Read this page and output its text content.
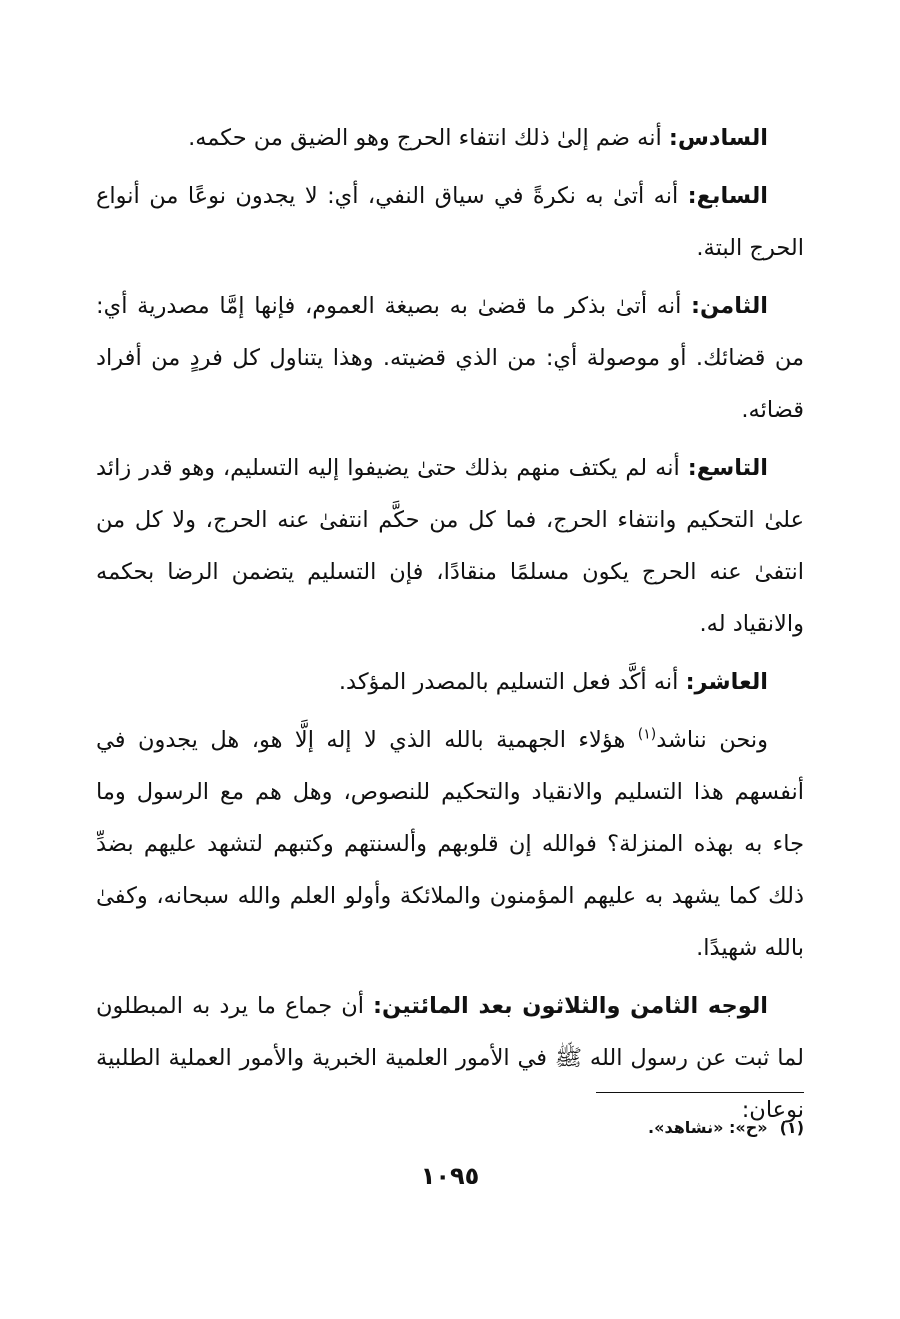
السادس: أنه ضم إلىٰ ذلك انتفاء الحرج وهو الضيق من حكمه.

السابع: أنه أتىٰ به نكرةً في سياق النفي، أي: لا يجدون نوعًا من أنواع الحرج البتة.

الثامن: أنه أتىٰ بذكر ما قضىٰ به بصيغة العموم، فإنها إمَّا مصدرية أي: من قضائك. أو موصولة أي: من الذي قضيته. وهذا يتناول كل فردٍ من أفراد قضائه.

التاسع: أنه لم يكتف منهم بذلك حتىٰ يضيفوا إليه التسليم، وهو قدر زائد علىٰ التحكيم وانتفاء الحرج، فما كل من حكَّم انتفىٰ عنه الحرج، ولا كل من انتفىٰ عنه الحرج يكون مسلمًا منقادًا، فإن التسليم يتضمن الرضا بحكمه والانقياد له.

العاشر: أنه أكَّد فعل التسليم بالمصدر المؤكد.

ونحن نناشد$^{(١)}$ هؤلاء الجهمية بالله الذي لا إله إلَّا هو، هل يجدون في أنفسهم هذا التسليم والانقياد والتحكيم للنصوص، وهل هم مع الرسول وما جاء به بهذه المنزلة؟ فوالله إن قلوبهم وألسنتهم وكتبهم لتشهد عليهم بضدِّ ذلك كما يشهد به عليهم المؤمنون والملائكة وأولو العلم والله سبحانه، وكفىٰ بالله شهيدًا.

الوجه الثامن والثلاثون بعد المائتين: أن جماع ما يرد به المبطلون لما ثبت عن رسول الله ﷺ في الأمور العلمية الخبرية والأمور العملية الطلبية نوعان:

(١)«ح»: «نشاهد».
١٠٩٥
